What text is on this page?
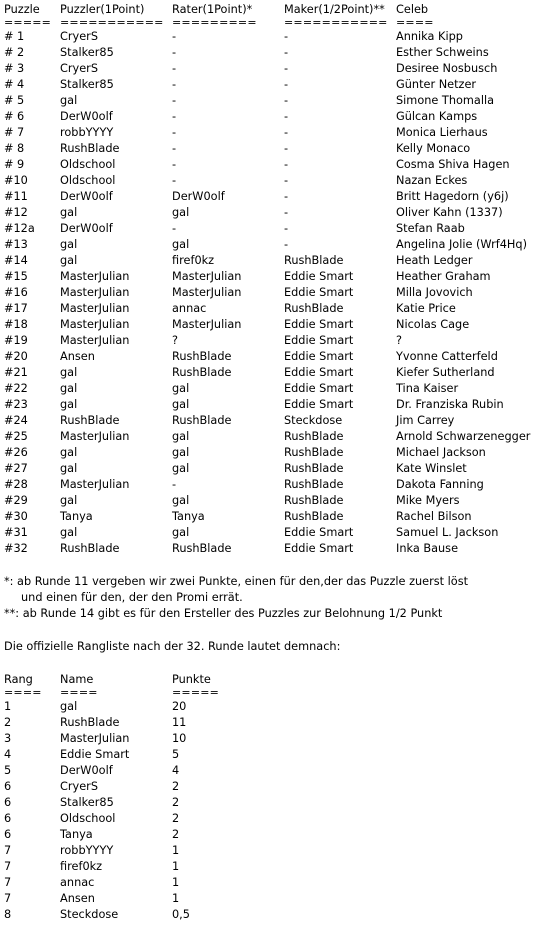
Puzzle Puzzler(1Point) Rater(1Point)*	Maker(1/2Point)** Celeb
===== =========== ========= =========== ====
# 1	CryerS	-	-	Annika Kipp
# 2	Stalker85	-	-	Esther Schweins
# 3	CryerS	-	-	Desiree Nosbusch
# 4	Stalker85	-	-	Günter Netzer
# 5	gal	-	-	Simone Thomalla
# 6	DerW0olf	-	-	Gülcan Kamps
# 7	robbYYYY	-	-	Monica Lierhaus
# 8	RushBlade	-	-	Kelly Monaco
# 9	Oldschool	-	-	Cosma Shiva Hagen
#10	Oldschool	-	-	Nazan Eckes
#11	DerW0olf	DerW0olf	-	Britt Hagedorn (y6j)
#12	gal	gal	-	Oliver Kahn (1337)
#12a DerW0olf	-	-	Stefan Raab
#13	gal	gal	-	Angelina Jolie (Wrf4Hq)
#14	gal	firef0kz	RushBlade	Heath Ledger
#15	MasterJulian	MasterJulian	Eddie Smart	Heather Graham
#16	MasterJulian	MasterJulian	Eddie Smart	Milla Jovovich
#17	MasterJulian	annac	RushBlade	Katie Price
#18	MasterJulian	MasterJulian	Eddie Smart	Nicolas Cage
#19	MasterJulian	?	Eddie Smart	?
#20	Ansen	RushBlade	Eddie Smart	Yvonne Catterfeld
#21	gal	RushBlade	Eddie Smart	Kiefer Sutherland
#22	gal	gal	Eddie Smart	Tina Kaiser
#23	gal	gal	Eddie Smart	Dr. Franziska Rubin
#24	RushBlade	RushBlade	Steckdose	Jim Carrey
#25	MasterJulian	gal	RushBlade	Arnold Schwarzenegger
#26	gal	gal	RushBlade	Michael Jackson
#27	gal	gal	RushBlade	Kate Winslet
#28	MasterJulian	-	RushBlade	Dakota Fanning
#29	gal	gal	RushBlade	Mike Myers
#30	Tanya	Tanya	RushBlade	Rachel Bilson
#31	gal	gal	Eddie Smart	Samuel L. Jackson
#32	RushBlade	RushBlade	Eddie Smart	Inka Bause
*: ab Runde 11 vergeben wir zwei Punkte, einen für den,der das Puzzle zuerst löst
und einen für den, der den Promi errät.
**: ab Runde 14 gibt es für den Ersteller des Puzzles zur Belohnung 1/2 Punkt
Die offizielle Rangliste nach der 32. Runde lautet demnach:
Rang Name	Punkte
==== ====	=====
1	gal	20
2	RushBlade	11
3	MasterJulian	10
4	Eddie Smart	5
5	DerW0olf	4
6	CryerS	2
6	Stalker85	2
6	Oldschool	2
6	Tanya	2
7	robbYYYY	1
7	firef0kz	1
7	annac	1
7	Ansen	1
8	Steckdose	0,5
